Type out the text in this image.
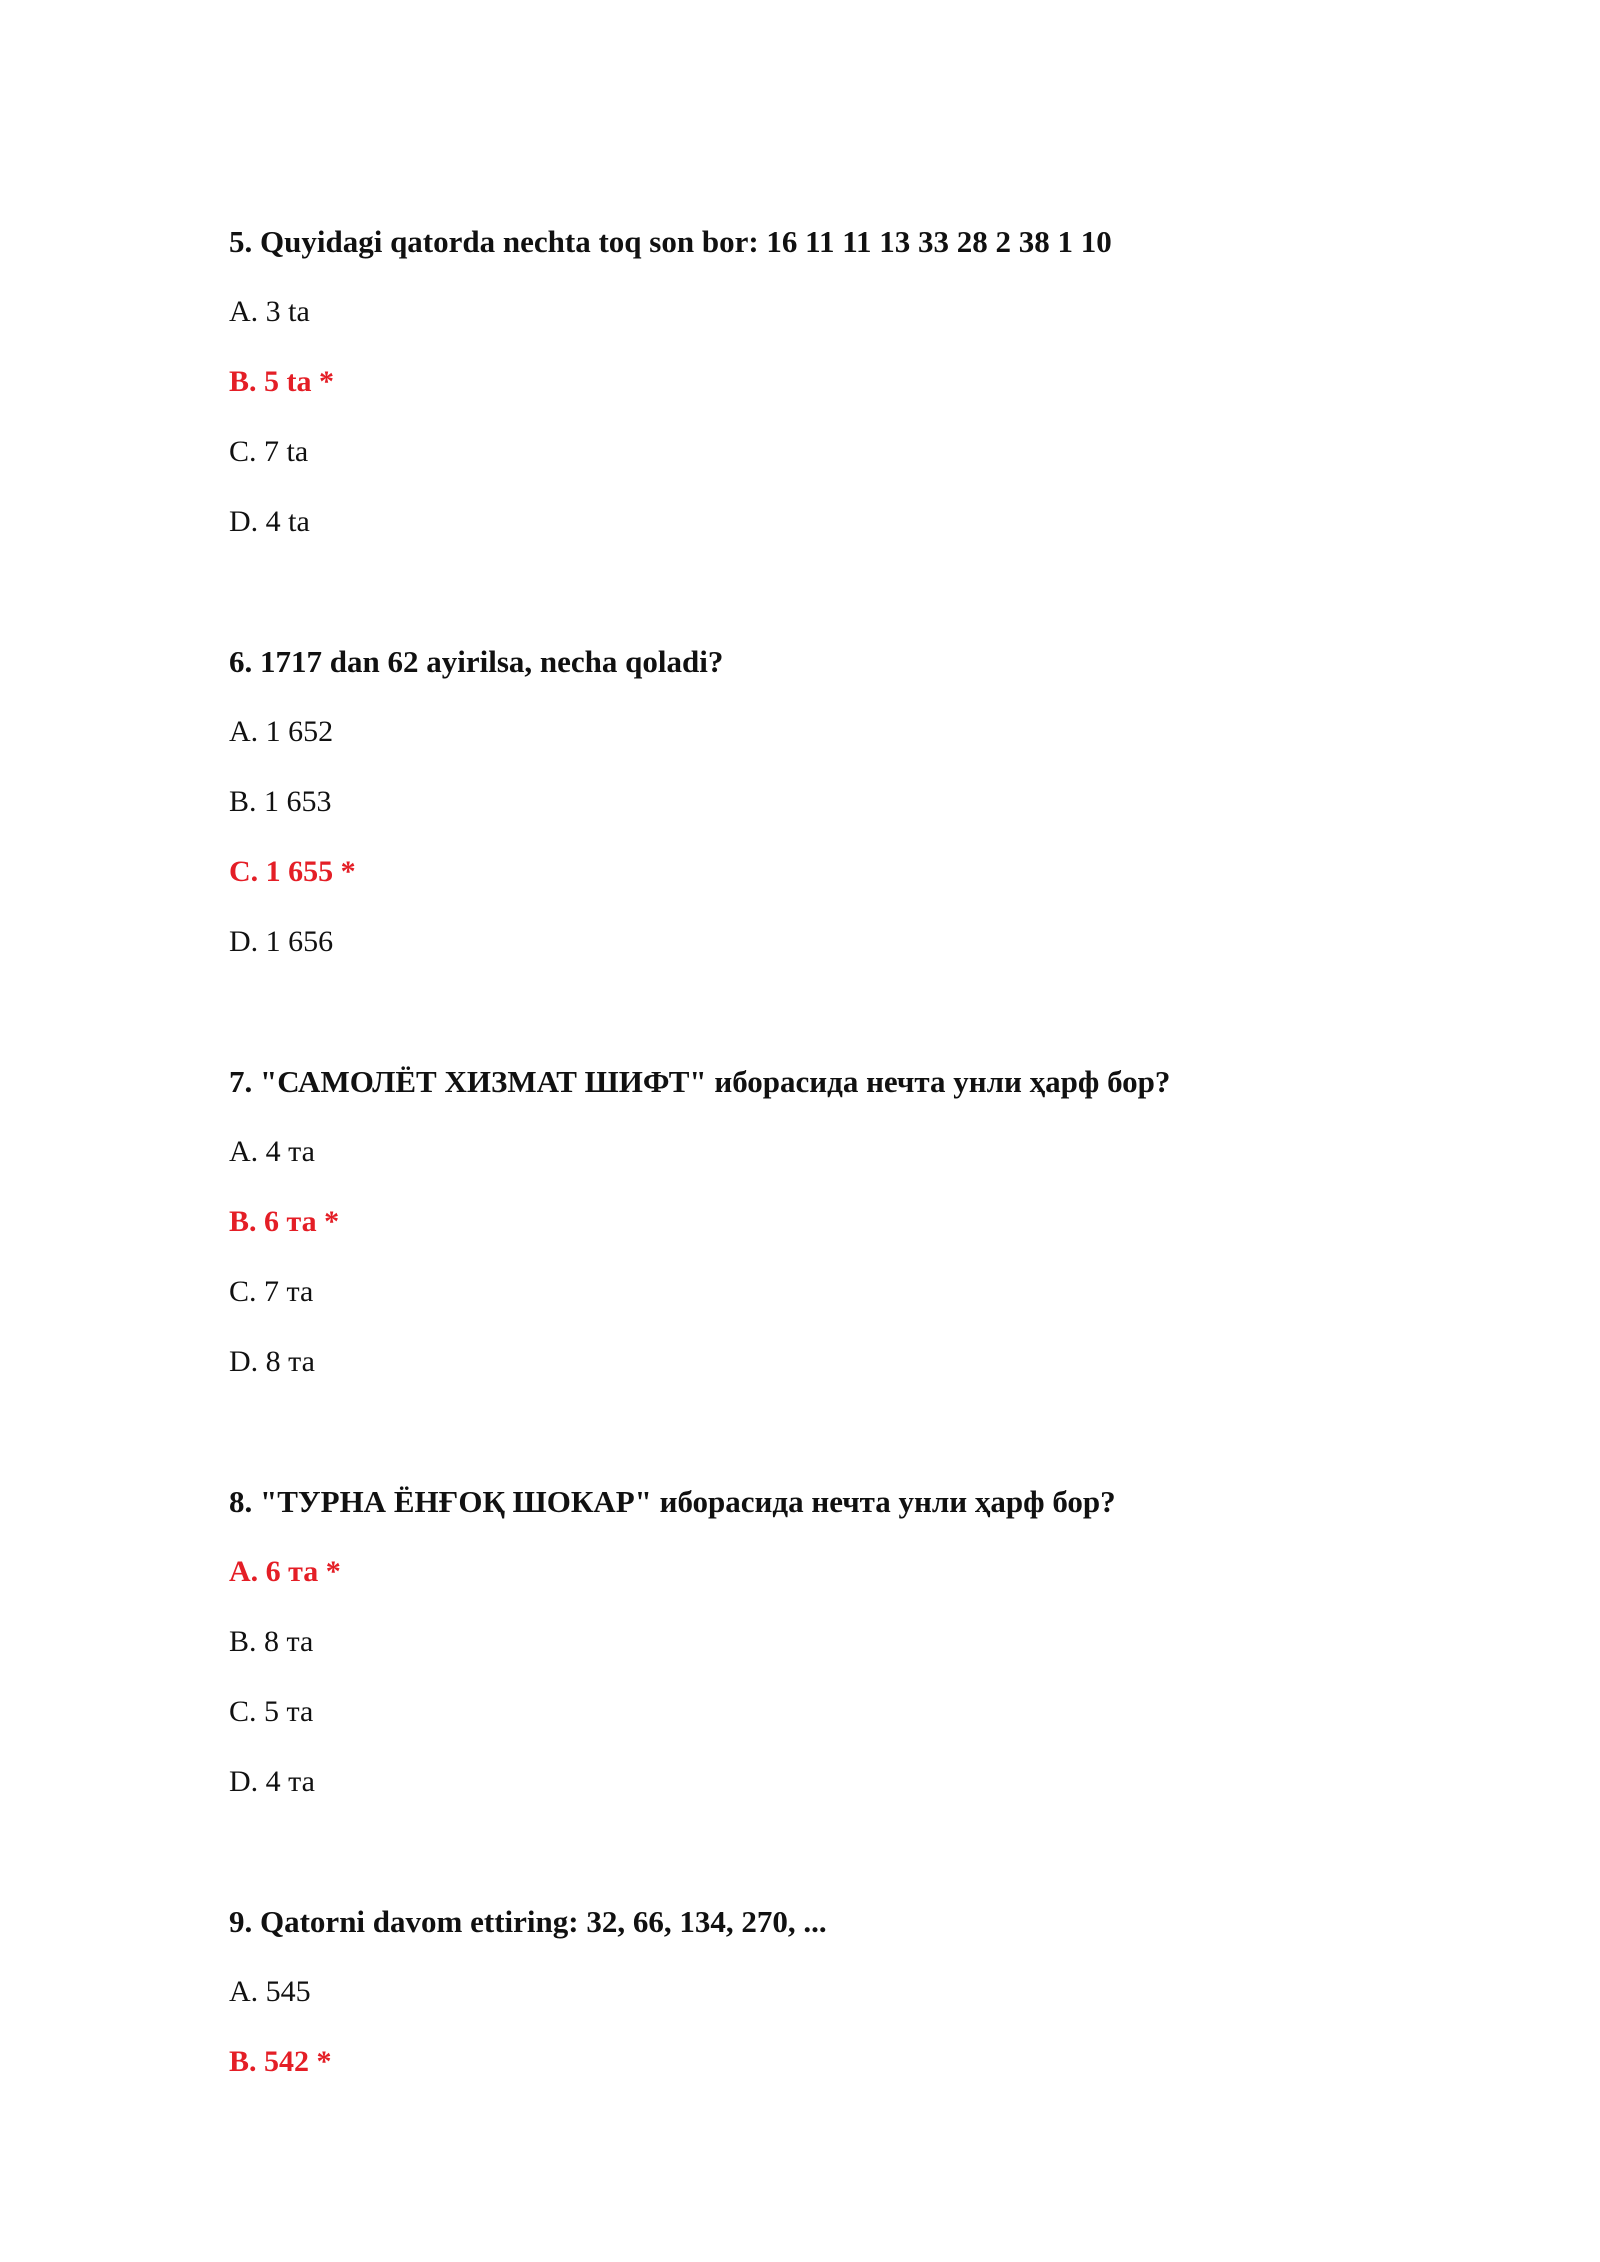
5. Quyidagi qatorda nechta toq son bor: 16 11 11 13 33 28 2 38 1 10
A. 3 ta
B. 5 ta *
C. 7 ta
D. 4 ta
6. 1717 dan 62 ayirilsa, necha qoladi?
A. 1 652
B. 1 653
C. 1 655 *
D. 1 656
7. "САМОЛЁТ ХИЗМАТ ШИФТ" иборасида нечта унли ҳарф бор?
A. 4 та
B. 6 та *
C. 7 та
D. 8 та
8. "ТУРНА ЁНҒОҚ ШОКАР" иборасида нечта унли ҳарф бор?
A. 6 та *
B. 8 та
C. 5 та
D. 4 та
9. Qatorni davom ettiring: 32, 66, 134, 270, ...
A. 545
B. 542 *
